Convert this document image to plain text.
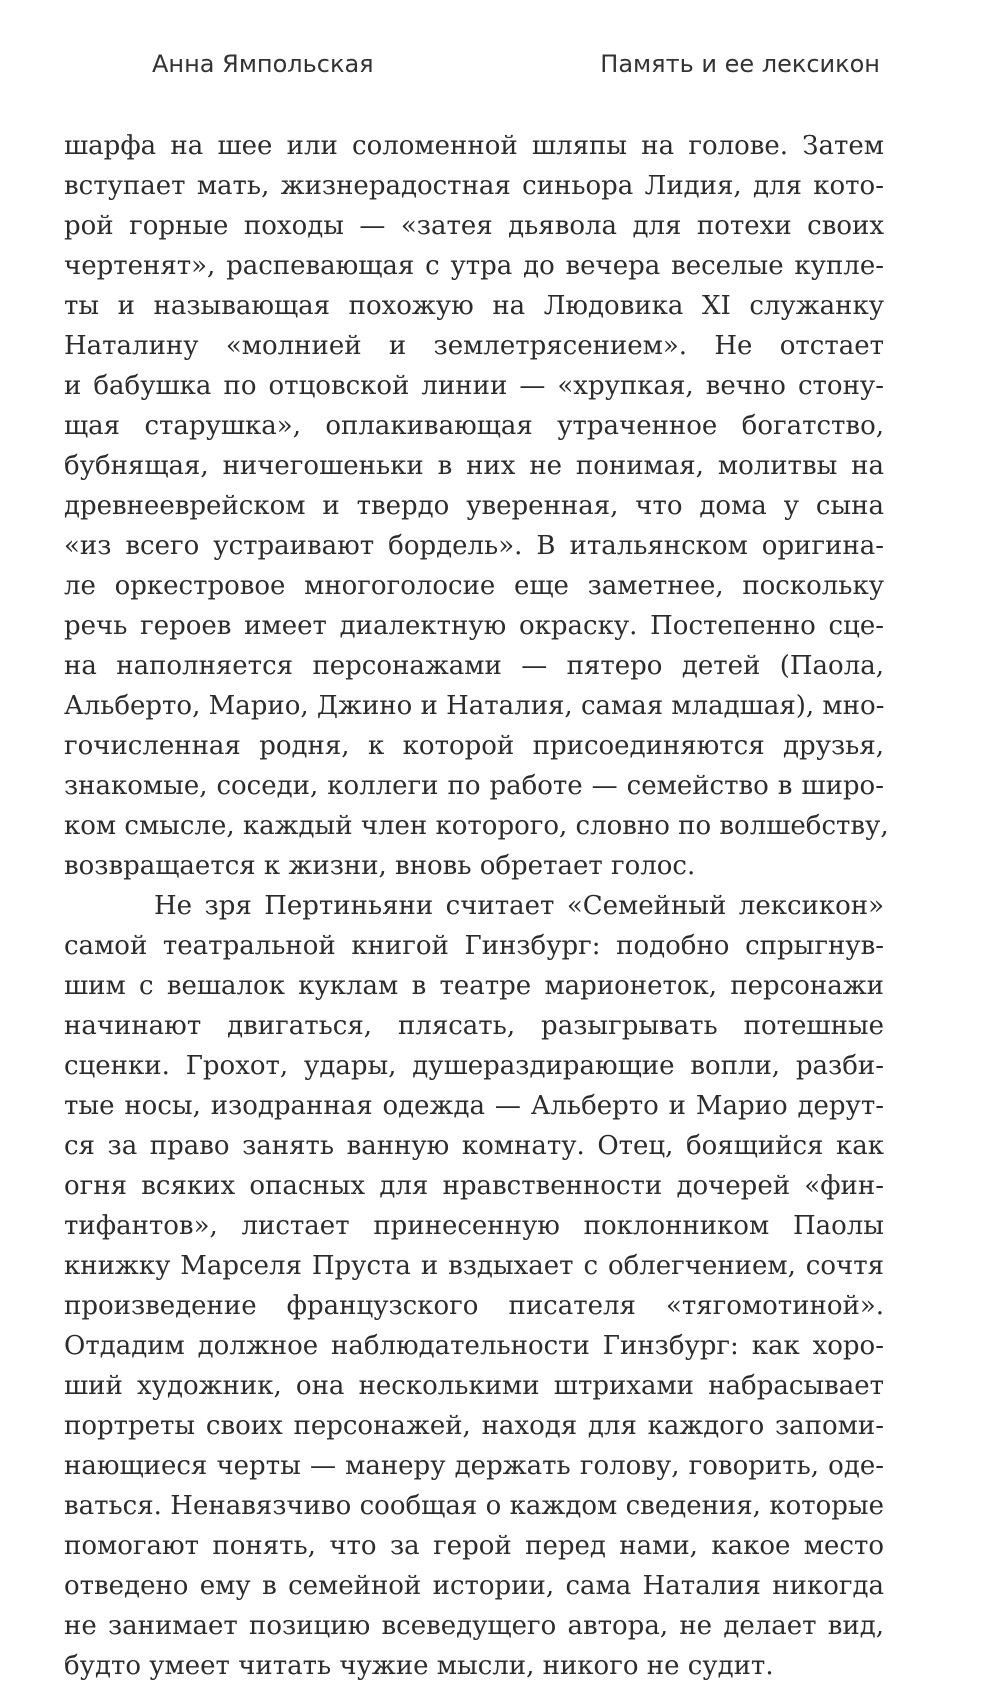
Анна Ямпольская	Память и ее лексикон
шарфа на шее или соломенной шляпы на голове. Затем
вступает мать, жизнерадостная синьора Лидия, для кото-
рой горные походы — «затея дьявола для потехи своих
чертенят», распевающая с утра до вечера веселые купле-
ты и называющая похожую на Людовика XI служанку
Наталину «молнией и землетрясением». Не отстает
и бабушка по отцовской линии — «хрупкая, вечно стону-
щая старушка», оплакивающая утраченное богатство,
бубнящая, ничегошеньки в них не понимая, молитвы на
древнееврейском и твердо уверенная, что дома у сына
«из всего устраивают бордель». В итальянском оригина-
ле оркестровое многоголосие еще заметнее, поскольку
речь героев имеет диалектную окраску. Постепенно сце-
на наполняется персонажами — пятеро детей (Паола,
Альберто, Марио, Джино и Наталия, самая младшая), мно-
гочисленная родня, к которой присоединяются друзья,
знакомые, соседи, коллеги по работе — семейство в широ-
ком смысле, каждый член которого, словно по волшебству,
возвращается к жизни, вновь обретает голос.
Не зря Пертиньяни считает «Семейный лексикон»
самой театральной книгой Гинзбург: подобно спрыгнув-
шим с вешалок куклам в театре марионеток, персонажи
начинают двигаться, плясать, разыгрывать потешные
сценки. Грохот, удары, душераздирающие вопли, разби-
тые носы, изодранная одежда — Альберто и Марио дерут-
ся за право занять ванную комнату. Отец, боящийся как
огня всяких опасных для нравственности дочерей «фин-
тифантов», листает принесенную поклонником Паолы
книжку Марселя Пруста и вздыхает с облегчением, сочтя
произведение французского писателя «тягомотиной».
Отдадим должное наблюдательности Гинзбург: как хоро-
ший художник, она несколькими штрихами набрасывает
портреты своих персонажей, находя для каждого запоми-
нающиеся черты — манеру держать голову, говорить, оде-
ваться. Ненавязчиво сообщая о каждом сведения, которые
помогают понять, что за герой перед нами, какое место
отведено ему в семейной истории, сама Наталия никогда
не занимает позицию всеведущего автора, не делает вид,
будто умеет читать чужие мысли, никого не судит.
